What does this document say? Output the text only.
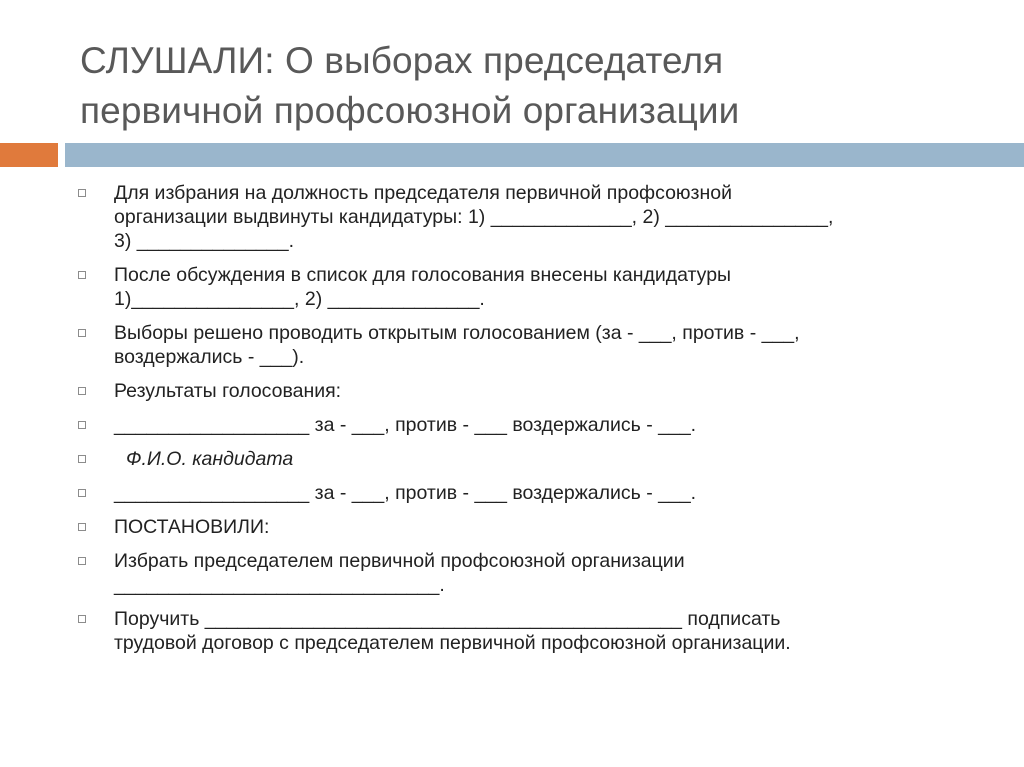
СЛУШАЛИ: О выборах председателя
первичной профсоюзной организации
Для избрания на должность председателя первичной профсоюзной
организации выдвинуты кандидатуры: 1) _____________, 2) _______________,
3) ______________.
После обсуждения в список для голосования внесены кандидатуры
1)_______________, 2) ______________.
Выборы решено проводить открытым голосованием (за - ___, против - ___,
воздержались - ___).
Результаты голосования:
__________________ за - ___, против - ___ воздержались - ___.
Ф.И.О. кандидата
__________________ за - ___, против - ___ воздержались - ___.
ПОСТАНОВИЛИ:
Избрать председателем первичной профсоюзной организации
______________________________.
Поручить ____________________________________________ подписать
трудовой договор с председателем первичной профсоюзной организации.
